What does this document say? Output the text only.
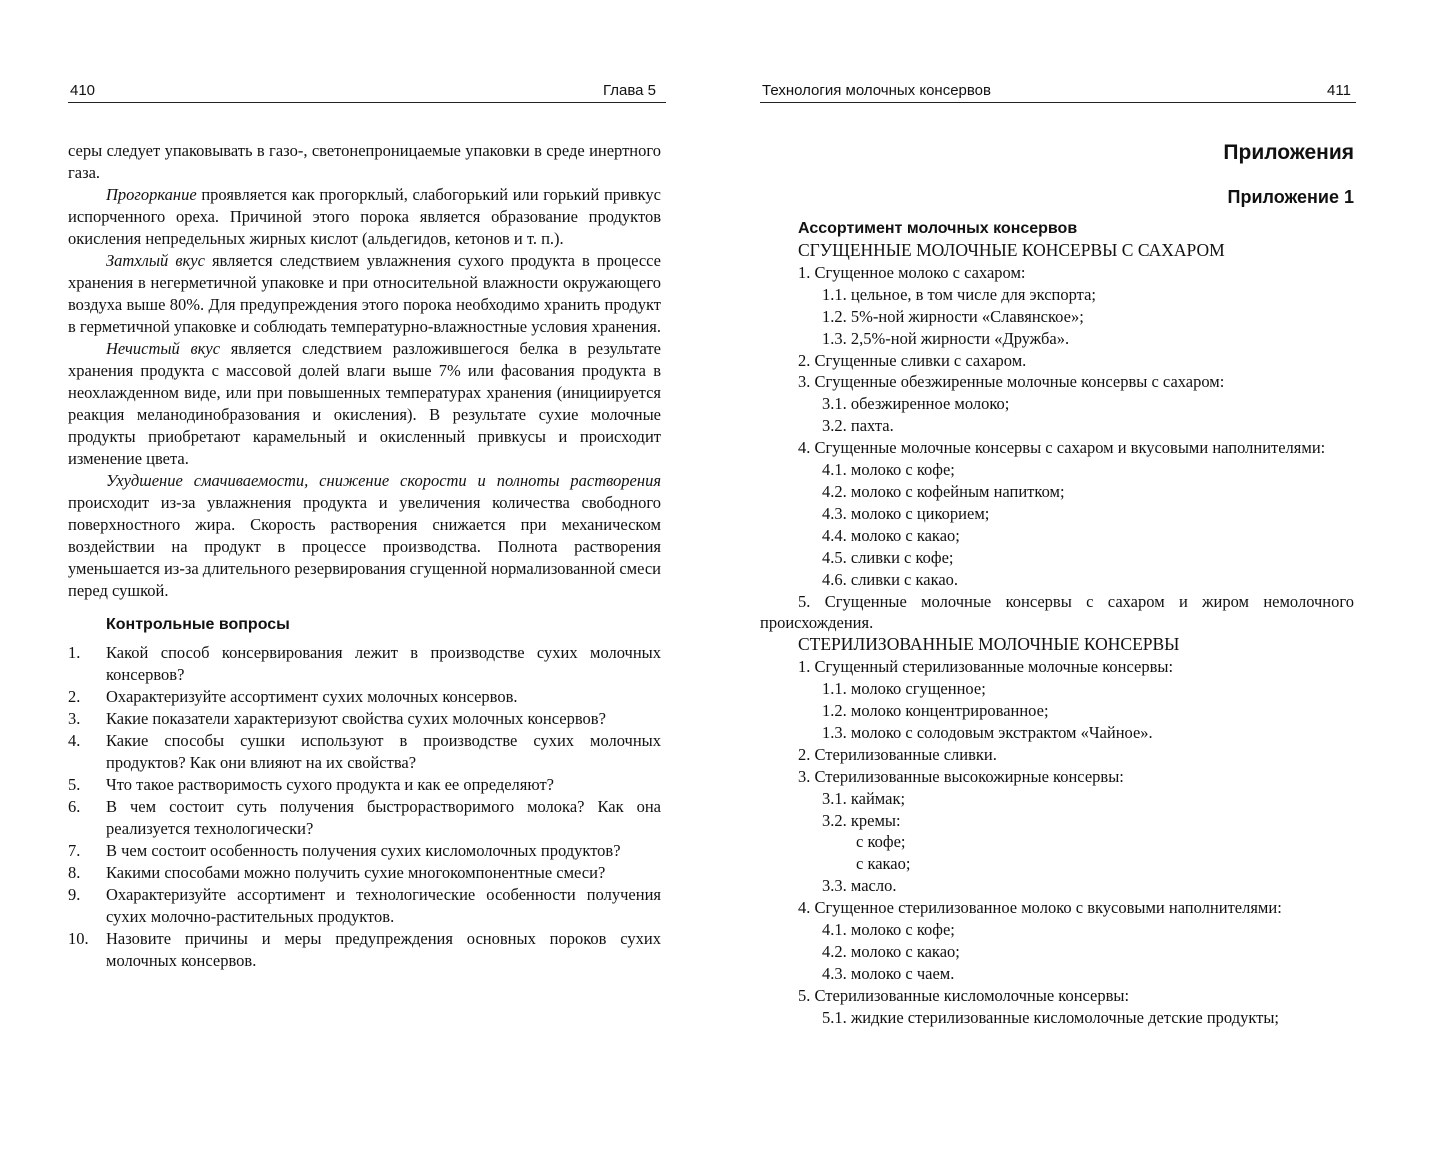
410	Глава 5

серы следует упаковывать в газо-, светонепроницаемые упаковки в среде инертного газа.

Прогоркание проявляется как прогорклый, слабогорький или горький привкус испорченного ореха. Причиной этого порока является образование продуктов окисления непредельных жирных кислот (альдегидов, кетонов и т. п.).

Затхлый вкус является следствием увлажнения сухого продукта в процессе хранения в негерметичной упаковке и при относительной влажности окружающего воздуха выше 80%. Для предупреждения этого порока необходимо хранить продукт в герметичной упаковке и соблюдать температурно-влажностные условия хранения.

Нечистый вкус является следствием разложившегося белка в результате хранения продукта с массовой долей влаги выше 7% или фасования продукта в неохлажденном виде, или при повышенных температурах хранения (инициируется реакция меланодинобразования и окисления). В результате сухие молочные продукты приобретают карамельный и окисленный привкусы и происходит изменение цвета.

Ухудшение смачиваемости, снижение скорости и полноты растворения происходит из-за увлажнения продукта и увеличения количества свободного поверхностного жира. Скорость растворения снижается при механическом воздействии на продукт в процессе производства. Полнота растворения уменьшается из-за длительного резервирования сгущенной нормализованной смеси перед сушкой.

Контрольные вопросы
1.	Какой способ консервирования лежит в производстве сухих молочных консервов?
2.	Охарактеризуйте ассортимент сухих молочных консервов.
3.	Какие показатели характеризуют свойства сухих молочных консервов?
4.	Какие способы сушки используют в производстве сухих молочных продуктов? Как они влияют на их свойства?
5.	Что такое растворимость сухого продукта и как ее определяют?
6.	В чем состоит суть получения быстрорастворимого молока? Как она реализуется технологически?
7.	В чем состоит особенность получения сухих кисломолочных продуктов?
8.	Какими способами можно получить сухие многокомпонентные смеси?
9.	Охарактеризуйте ассортимент и технологические особенности получения сухих молочно-растительных продуктов.
10.	Назовите причины и меры предупреждения основных пороков сухих молочных консервов.
Технология молочных консервов	411

Приложения

Приложение 1

Ассортимент молочных консервов

СГУЩЕННЫЕ МОЛОЧНЫЕ КОНСЕРВЫ С САХАРОМ

1. Сгущенное молоко с сахаром:

1.1. цельное, в том числе для экспорта;

1.2. 5%-ной жирности «Славянское»;

1.3. 2,5%-ной жирности «Дружба».

2. Сгущенные сливки с сахаром.

3. Сгущенные обезжиренные молочные консервы с сахаром:

3.1. обезжиренное молоко;

3.2. пахта.

4. Сгущенные молочные консервы с сахаром и вкусовыми наполнителями:

4.1. молоко с кофе;

4.2. молоко с кофейным напитком;

4.3. молоко с цикорием;

4.4. молоко с какао;

4.5. сливки с кофе;

4.6. сливки с какао.

5. Сгущенные молочные консервы с сахаром и жиром немолочного происхождения.

СТЕРИЛИЗОВАННЫЕ МОЛОЧНЫЕ КОНСЕРВЫ

1. Сгущенный стерилизованные молочные консервы:

1.1. молоко сгущенное;

1.2. молоко концентрированное;

1.3. молоко с солодовым экстрактом «Чайное».

2. Стерилизованные сливки.

3. Стерилизованные высокожирные консервы:

3.1. каймак;

3.2. кремы:

с кофе;

с какао;

3.3. масло.

4. Сгущенное стерилизованное молоко с вкусовыми наполнителями:

4.1. молоко с кофе;

4.2. молоко с какао;

4.3. молоко с чаем.

5. Стерилизованные кисломолочные консервы:

5.1. жидкие стерилизованные кисломолочные детские продукты;
